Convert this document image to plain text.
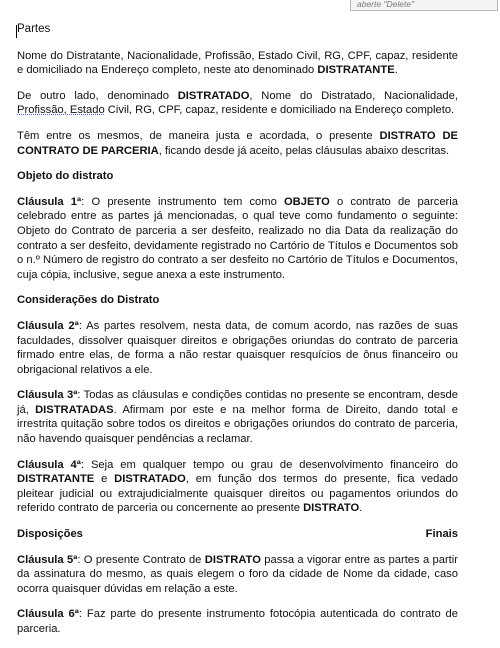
aberte "Delete"
Partes

Nome do Distratante, Nacionalidade, Profissão, Estado Civil, RG, CPF, capaz, residente e domiciliado na Endereço completo, neste ato denominado DISTRATANTE.

De outro lado, denominado DISTRATADO, Nome do Distratado, Nacionalidade, Profissão, Estado Civil, RG, CPF, capaz, residente e domiciliado na Endereço completo.

Têm entre os mesmos, de maneira justa e acordada, o presente DISTRATO DE CONTRATO DE PARCERIA, ficando desde já aceito, pelas cláusulas abaixo descritas.

Objeto do distrato

Cláusula 1ª: O presente instrumento tem como OBJETO o contrato de parceria celebrado entre as partes já mencionadas, o qual teve como fundamento o seguinte: Objeto do Contrato de parceria a ser desfeito, realizado no dia Data da realização do contrato a ser desfeito, devidamente registrado no Cartório de Títulos e Documentos sob o n.º Número de registro do contrato a ser desfeito no Cartório de Títulos e Documentos, cuja cópia, inclusive, segue anexa a este instrumento.

Considerações do Distrato

Cláusula 2ª: As partes resolvem, nesta data, de comum acordo, nas razões de suas faculdades, dissolver quaisquer direitos e obrigações oriundas do contrato de parceria firmado entre elas, de forma a não restar quaisquer resquícios de ônus financeiro ou obrigacional relativos a ele.

Cláusula 3ª: Todas as cláusulas e condições contidas no presente se encontram, desde já, DISTRATADAS. Afirmam por este e na melhor forma de Direito, dando total e irrestrita quitação sobre todos os direitos e obrigações oriundos do contrato de parceria, não havendo quaisquer pendências a reclamar.

Cláusula 4ª: Seja em qualquer tempo ou grau de desenvolvimento financeiro do DISTRATANTE e DISTRATADO, em função dos termos do presente, fica vedado pleitear judicial ou extrajudicialmente quaisquer direitos ou pagamentos oriundos do referido contrato de parceria ou concernente ao presente DISTRATO.

Disposições	Finais

Cláusula 5ª: O presente Contrato de DISTRATO passa a vigorar entre as partes a partir da assinatura do mesmo, as quais elegem o foro da cidade de Nome da cidade, caso ocorra quaisquer dúvidas em relação a este.

Cláusula 6ª: Faz parte do presente instrumento fotocópia autenticada do contrato de parceria.
